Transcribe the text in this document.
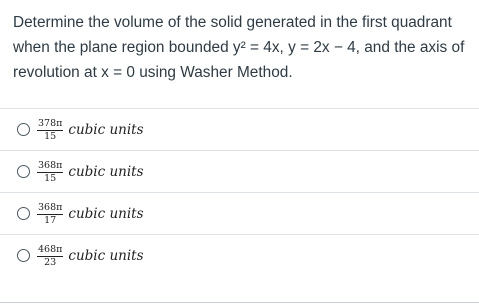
Determine the volume of the solid generated in the first quadrant when the plane region bounded y² = 4x, y = 2x − 4, and the axis of revolution at x = 0 using Washer Method.

$\frac{378\pi}{15}$ cubic units
$\frac{368\pi}{15}$ cubic units
$\frac{368\pi}{17}$ cubic units
$\frac{468\pi}{23}$ cubic units
